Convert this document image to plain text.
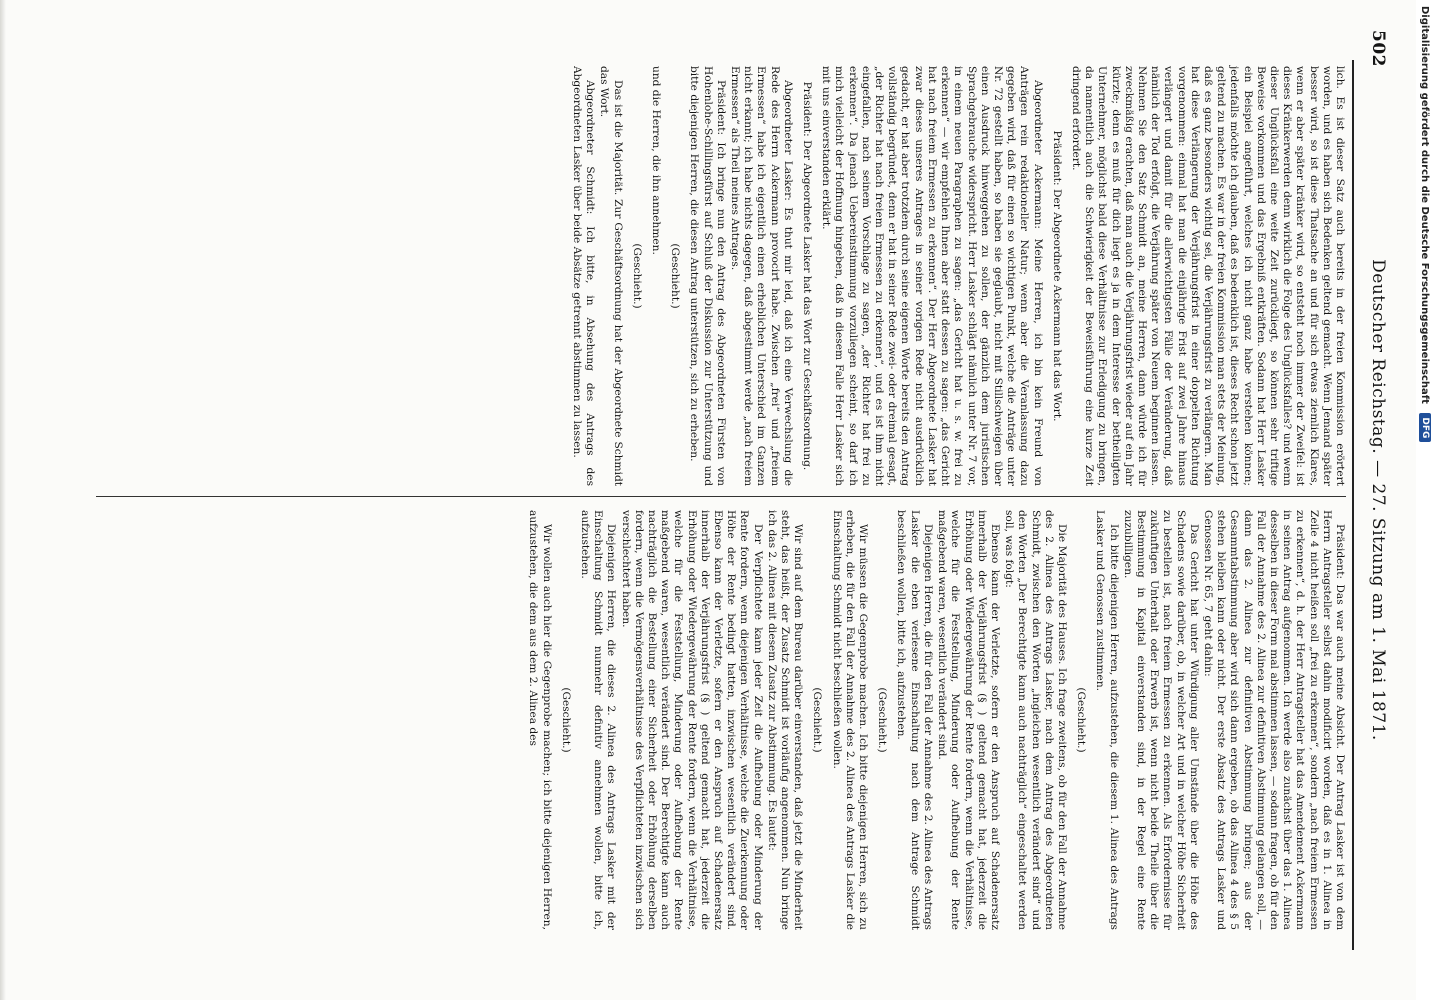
502
Deutscher Reichstag. — 27. Sitzung am 1. Mai 1871.

lich. Es ist dieser Satz auch bereits in der freien Kommission erörtert worden, und es haben sich Bedenken geltend gemacht. Wenn Jemand später besser wird, so ist diese Thatsache an und für sich etwas ziemlich Klares, wenn er aber später kränker wird, so entsteht noch immer der Zweifel: ist dieses Kränkerwerden denn wirklich die Folge des Unglücksfalles? und wenn dieser Unglücksfall eine weite Zeit zurückliegt, so können sehr triftige Beweise vorkommen und das Ergebniß entkräften. Sodann hat Herr Lasker ein Beispiel angeführt, welches ich nicht ganz habe verstehen können; jedenfalls möchte ich glauben, daß es bedenklich ist, dieses Recht schon jetzt geltend zu machen. Es war in der freien Kommission man stets der Meinung, daß es ganz besonders wichtig sei, die Verjährungsfrist zu verlängern. Man hat diese Verlängerung der Verjährungsfrist in einer doppelten Richtung vorgenommen: einmal hat man die einjährige Frist auf zwei Jahre hinaus verlängert und damit für die allerwichtigsten Fälle der Veränderung, daß nämlich der Tod erfolgt, die Verjährung später von Neuem beginnen lassen. Nehmen Sie den Satz Schmidt an, meine Herren, dann würde ich für zweckmäßig erachten, daß man auch die Verjährungsfrist wieder auf ein Jahr kürzte; denn es muß für dich liegt es ja in dem Interesse der betheiligten Unternehmer, möglichst bald diese Verhältnisse zur Erledigung zu bringen, da namentlich auch die Schwierigkeit der Beweisführung eine kurze Zeit dringend erfordert.

Präsident: Der Abgeordnete Ackermann hat das Wort.

Abgeordneter Ackermann: Meine Herren, ich bin kein Freund von Anträgen rein redaktioneller Natur; wenn aber die Veranlassung dazu gegeben wird, daß für einen so wichtigen Punkt, welche die Anträge unter Nr. 72 gestellt haben, so haben sie geglaubt, nicht mit Stillschweigen über einen Ausdruck hinweggehen zu sollen, der gänzlich dem juristischen Sprachgebrauche widerspricht. Herr Lasker schlägt nämlich unter Nr. 7 vor, in einem neuen Paragraphen zu sagen: „das Gericht hat u. s. w. frei zu erkennen“ — wir empfehlen Ihnen aber statt dessen zu sagen: „das Gericht hat nach freiem Ermessen zu erkennen“. Der Herr Abgeordnete Lasker hat zwar dieses unseres Antrages in seiner vorigen Rede nicht ausdrücklich gedacht, er hat aber trotzdem durch seine eigenen Worte bereits den Antrag vollständig begründet, denn er hat in seiner Rede zwei- oder dreimal gesagt, „der Richter hat nach freiem Ermessen zu erkennen“, und es ist ihm nicht eingefallen, nach seinem Vorschlage zu sagen, „der Richter hat frei zu erkennen“. Da jenach Uebereinstimmung vorzuliegen scheint, so darf ich mich vielleicht der Hoffnung hingeben, daß in diesem Falle Herr Lasker sich mit uns einverstanden erklärt.

Präsident: Der Abgeordnete Lasker hat das Wort zur Geschäftsordnung.

Abgeordneter Lasker: Es thut mir leid, daß ich eine Verwechslung die Rede des Herrn Ackermann provocirt habe. Zwischen „frei“ und „freiem Ermessen“ habe ich eigentlich einen erheblichen Unterschied im Ganzen nicht erkannt; ich habe nichts dagegen, daß abgestimmt werde „nach freiem Ermessen“ als Theil meines Antrages.

Präsident: Ich bringe nun den Antrag des Abgeordneten Fürsten von Hohenlohe-Schillingsfürst auf Schluß der Diskussion zur Unterstützung und bitte diejenigen Herren, die diesen Antrag unterstützen, sich zu erheben.

(Geschieht.)

und die Herren, die ihn annehmen.

(Geschieht.)

Das ist die Majorität. Zur Geschäftsordnung hat der Abgeordnete Schmidt das Wort.

Abgeordneter Schmidt: Ich bitte, in Absehung des Antrags des Abgeordneten Lasker über beide Absätze getrennt abstimmen zu lassen.

Präsident: Das war auch meine Absicht. Der Antrag Lasker ist von dem Herrn Antragsteller selbst dahin modificirt worden, daß es in 1. Alinea in Zeile 4 nicht heißen soll „frei zu erkennen“, sondern „nach freiem Ermessen zu erkennen“, d. h. der Herr Antragsteller hat das Amendement Ackermann in seinen Antrag aufgenommen. Ich werde also zunächst über das 1. Alinea desselben in dieser Form mal abstimmen lassen, — sodann fragen, ob für den Fall der Annahme des 2. Alinea zur definitiven Abstimmung gelangen soll, — dann das 2. Alinea zur definitiven Abstimmung bringen; aus der Gesammtabstimmung aber wird sich dann ergeben, ob das Alinea 4 des § 5 stehen bleiben kann oder nicht. Der erste Absatz des Antrags Lasker und Genossen Nr. 65, 7 geht dahin:

Das Gericht hat unter Würdigung aller Umstände über die Höhe des Schadens sowie darüber, ob, in welcher Art und in welcher Höhe Sicherheit zu bestellen ist, nach freiem Ermessen zu erkennen. Als Erfordernisse für zukünftigen Unterhalt oder Erwerb ist, wenn nicht beide Theile über die Bestimmung in Kapital einverstanden sind, in der Regel eine Rente zuzubilligen.

Ich bitte diejenigen Herren, aufzustehen, die diesem 1. Alinea des Antrags Lasker und Genossen zustimmen.

(Geschieht.)

Die Majorität des Hauses. Ich frage zweitens, ob für den Fall der Annahme des 2. Alinea des Antrags Lasker, nach dem Antrag des Abgeordneten Schmidt, zwischen den Worten „ingleichen wesentlich verändert sind“ und den Worten „Der Berechtigte kann auch nachträglich“ eingeschaltet werden soll, was folgt:

Ebenso kann der Verletzte, sofern er den Anspruch auf Schadenersatz innerhalb der Verjährungsfrist (§ ) geltend gemacht hat, jederzeit die Erhöhung oder Wiedergewährung der Rente fordern, wenn die Verhältnisse, welche für die Feststellung, Minderung oder Aufhebung der Rente maßgebend waren, wesentlich verändert sind.

Diejenigen Herren, die für den Fall der Annahme des 2. Alinea des Antrags Lasker die eben verlesene Einschaltung nach dem Antrage Schmidt beschließen wollen, bitte ich, aufzustehen.

(Geschieht.)

Wir müssen die Gegenprobe machen. Ich bitte diejenigen Herren, sich zu erheben, die für den Fall der Annahme des 2. Alinea des Antrags Lasker die Einschaltung Schmidt nicht beschließen wollen.

(Geschieht.)

Wir sind auf dem Bureau darüber einverstanden, daß jetzt die Minderheit steht, das heißt, der Zusatz Schmidt ist vorläufig angenommen. Nun bringe ich das 2. Alinea mit diesem Zusatz zur Abstimmung. Es lautet:

Der Verpflichtete kann jeder Zeit die Aufhebung oder Minderung der Rente fordern, wenn diejenigen Verhältnisse, welche die Zuerkennung oder Höhe der Rente bedingt hatten, inzwischen wesentlich verändert sind. Ebenso kann der Verletzte, sofern er den Anspruch auf Schadenersatz innerhalb der Verjährungsfrist (§ ) geltend gemacht hat, jederzeit die Erhöhung oder Wiedergewährung der Rente fordern, wenn die Verhältnisse, welche für die Feststellung, Minderung oder Aufhebung der Rente maßgebend waren, wesentlich verändert sind. Der Berechtigte kann auch nachträglich die Bestellung einer Sicherheit oder Erhöhung derselben fordern, wenn die Vermögensverhältnisse des Verpflichteten inzwischen sich verschlechtert haben.

Diejenigen Herren, die dieses 2. Alinea des Antrags Lasker mit der Einschaltung Schmidt nunmehr definitiv annehmen wollen, bitte ich, aufzustehen.

(Geschieht.)

Wir wollen auch hier die Gegenprobe machen; ich bitte diejenigen Herren, aufzustehen, die dem aus dem 2. Alinea des

Digitalisierung gefördert durch die Deutsche Forschungsgemeinschaft DFG
